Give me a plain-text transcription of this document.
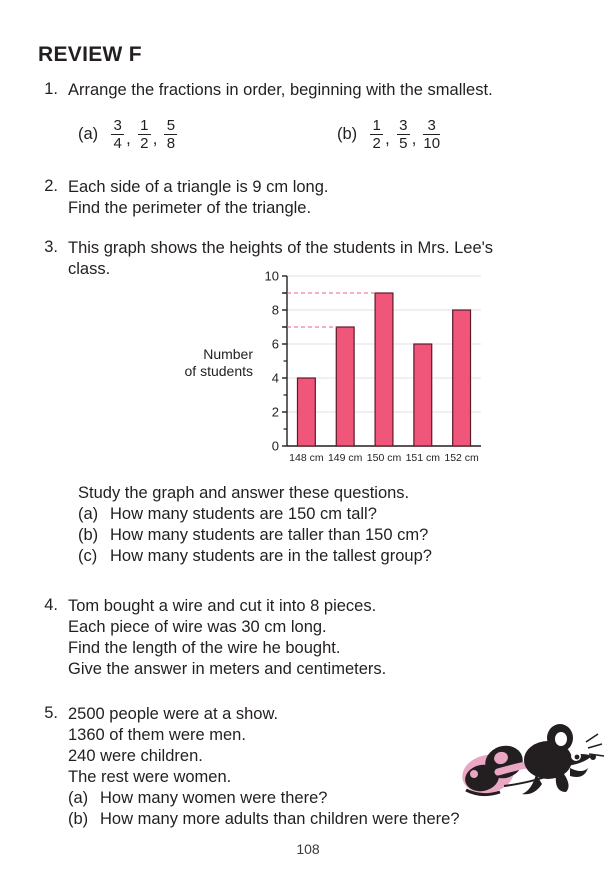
REVIEW F
1. Arrange the fractions in order, beginning with the smallest.
$(a) \frac{3}{4}$ , $\frac{1}{2}$ , $\frac{5}{8}$	$(b) \frac{1}{2}$ , $\frac{3}{5}$ , $\frac{3}{10}$
2. Each side of a triangle is 9 cm long.
Find the perimeter of the triangle.
3. This graph shows the heights of the students in Mrs. Lee's
class.
Number
of students
0
2
4
6
8
10
148 cm 149 cm 150 cm 151 cm 152 cm
Study the graph and answer these questions.
(a) How many students are 150 cm tall?
(b) How many students are taller than 150 cm?
(c) How many students are in the tallest group?
4. Tom bought a wire and cut it into 8 pieces.
Each piece of wire was 30 cm long.
Find the length of the wire he bought.
Give the answer in meters and centimeters.
5. 2500 people were at a show.
1360 of them were men.
240 were children.
The rest were women.
(a) How many women were there?
(b) How many more adults than children were there?
108
